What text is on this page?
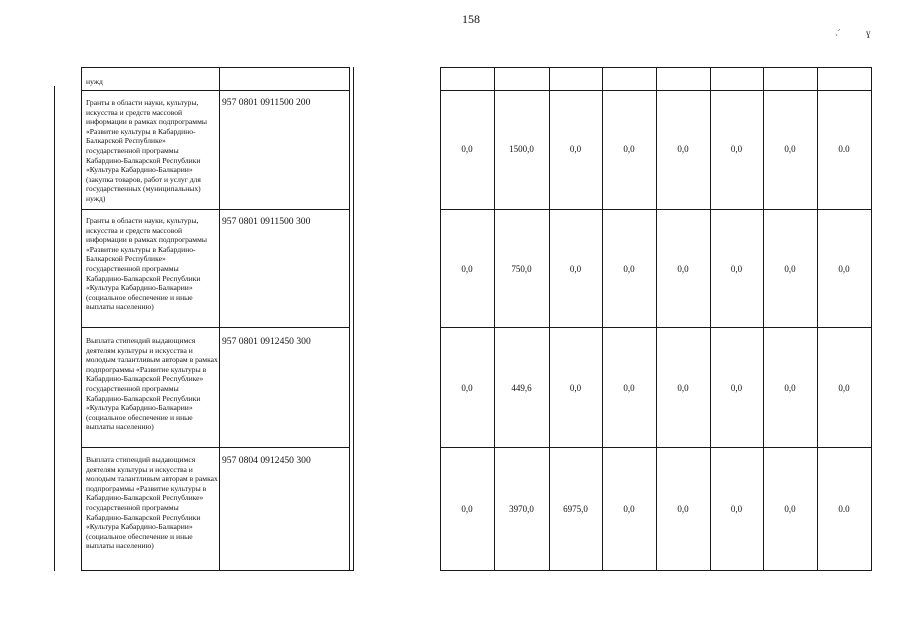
158
ˏ׳	ɣ
нужд
Гранты в области науки, культуры, искусства и средств массовой информации в рамках подпрограммы «Развитие культуры в Кабардино-Балкарской Республике» государственной программы Кабардино-Балкарской Республики «Культура Кабардино-Балкарии» (закупка товаров, работ и услуг для государственных (муниципальных) нужд)
957 0801 0911500 200
Гранты в области науки, культуры, искусства и средств массовой информации в рамках подпрограммы «Развитие культуры в Кабардино-Балкарской Республике» государственной программы Кабардино-Балкарской Республики «Культура Кабардино-Балкарии» (социальное обеспечение и иные выплаты населению)
957 0801 0911500 300
Выплата стипендий выдающимся деятелям культуры и искусства и молодым талантливым авторам в рамках подпрограммы «Развитие культуры в Кабардино-Балкарской Республике» государственной программы Кабардино-Балкарской Республики «Культура Кабардино-Балкарии» (социальное обеспечение и иные выплаты населению)
957 0801 0912450 300
Выплата стипендий выдающимся деятелям культуры и искусства и молодым талантливым авторам в рамках подпрограммы «Развитие культуры в Кабардино-Балкарской Республике» государственной программы Кабардино-Балкарской Республики «Культура Кабардино-Балкарии» (социальное обеспечение и иные выплаты населению)
957 0804 0912450 300
0,0	1500,0	0,0	0,0	0,0	0,0	0,0	0.0
0,0	750,0	0,0	0,0	0,0	0,0	0,0	0,0
0,0	449,6	0,0	0,0	0,0	0,0	0,0	0,0
0,0	3970,0	6975,0	0,0	0,0	0,0	0,0	0.0
